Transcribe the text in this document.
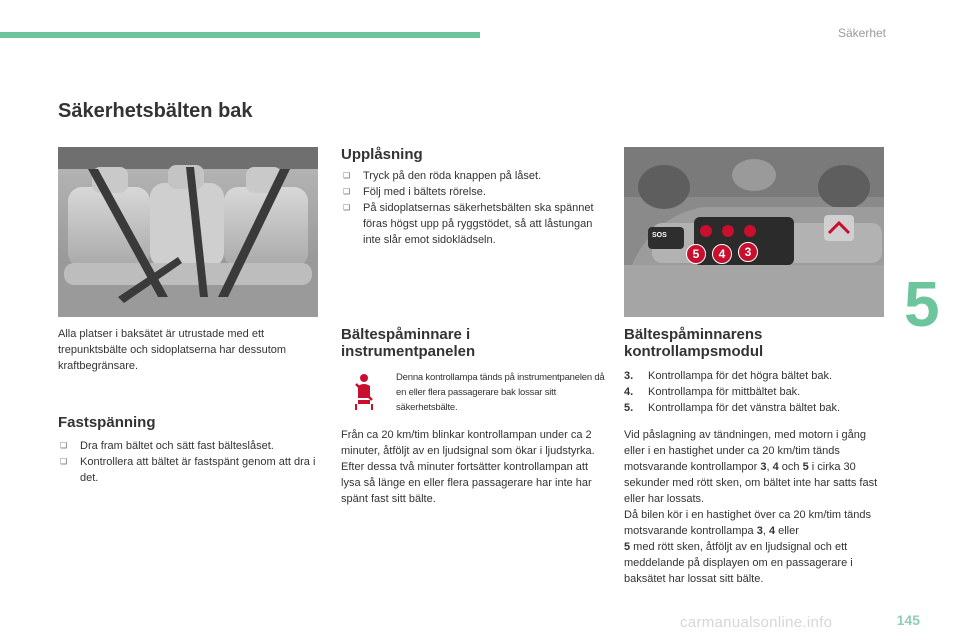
Säkerhet
5
Säkerhetsbälten bak
SOS
5	4	3

Alla platser i baksätet är utrustade med ett trepunktsbälte och sidoplatserna har dessutom kraftbegränsare.

Fastspänning
❑ Dra fram bältet och sätt fast bälteslåset.
❑ Kontrollera att bältet är fastspänt genom att dra i det.
Upplåsning
❑ Tryck på den röda knappen på låset.
❑ Följ med i bältets rörelse.
❑ På sidoplatsernas säkerhetsbälten ska spännet föras högst upp på ryggstödet, så att låstungan inte slår emot sidoklädseln.
Bältespåminnare i instrumentpanelen

Denna kontrollampa tänds på instrumentpanelen då en eller flera passagerare bak lossar sitt säkerhetsbälte.

Från ca 20 km/tim blinkar kontrollampan under ca 2 minuter, åtföljt av en ljudsignal som ökar i ljudstyrka. Efter dessa två minuter fortsätter kontrollampan att lysa så länge en eller flera passagerare har inte har spänt fast sitt bälte.

Bältespåminnarens kontrollampsmodul
3. Kontrollampa för det högra bältet bak.
4. Kontrollampa för mittbältet bak.
5. Kontrollampa för det vänstra bältet bak.
Vid påslagning av tändningen, med motorn i gång eller i en hastighet under ca 20 km/tim tänds motsvarande kontrollampor 3, 4 och 5 i cirka 30 sekunder med rött sken, om bältet inte har satts fast eller har lossats.
Då bilen kör i en hastighet över ca 20 km/tim tänds motsvarande kontrollampa 3, 4 eller
5 med rött sken, åtföljt av en ljudsignal och ett meddelande på displayen om en passagerare i baksätet har lossat sitt bälte.
carmanualsonline.info	145
